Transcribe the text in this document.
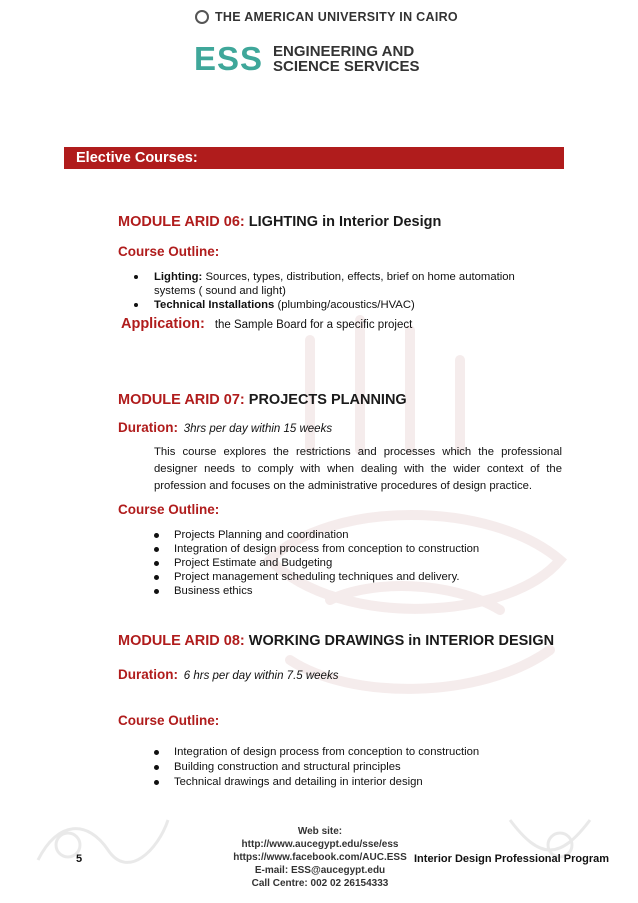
THE AMERICAN UNIVERSITY IN CAIRO
ESS ENGINEERING AND
SCIENCE SERVICES
Elective Courses:
MODULE ARID 06: LIGHTING in Interior Design
Course Outline:
Lighting: Sources, types, distribution, effects, brief on home automation
systems ( sound and light)
Technical Installations (plumbing/acoustics/HVAC)
Application: the Sample Board for a specific project
MODULE ARID 07: PROJECTS PLANNING
Duration: 3hrs per day within 15 weeks
This course explores the restrictions and processes which the professional designer needs to comply with when dealing with the wider context of the profession and focuses on the administrative procedures of design practice.
Course Outline:
Projects Planning and coordination
Integration of design process from conception to construction
Project Estimate and Budgeting
Project management scheduling techniques and delivery.
Business ethics
MODULE ARID 08: WORKING DRAWINGS in INTERIOR DESIGN
Duration: 6 hrs per day within 7.5 weeks
Course Outline:
Integration of design process from conception to construction
Building construction and structural principles
Technical drawings and detailing in interior design
5
Web site: http://www.aucegypt.edu/sse/ess
https://www.facebook.com/AUC.ESS
E-mail: ESS@aucegypt.edu
Call Centre: 002 02 26154333
Interior Design Professional Program
